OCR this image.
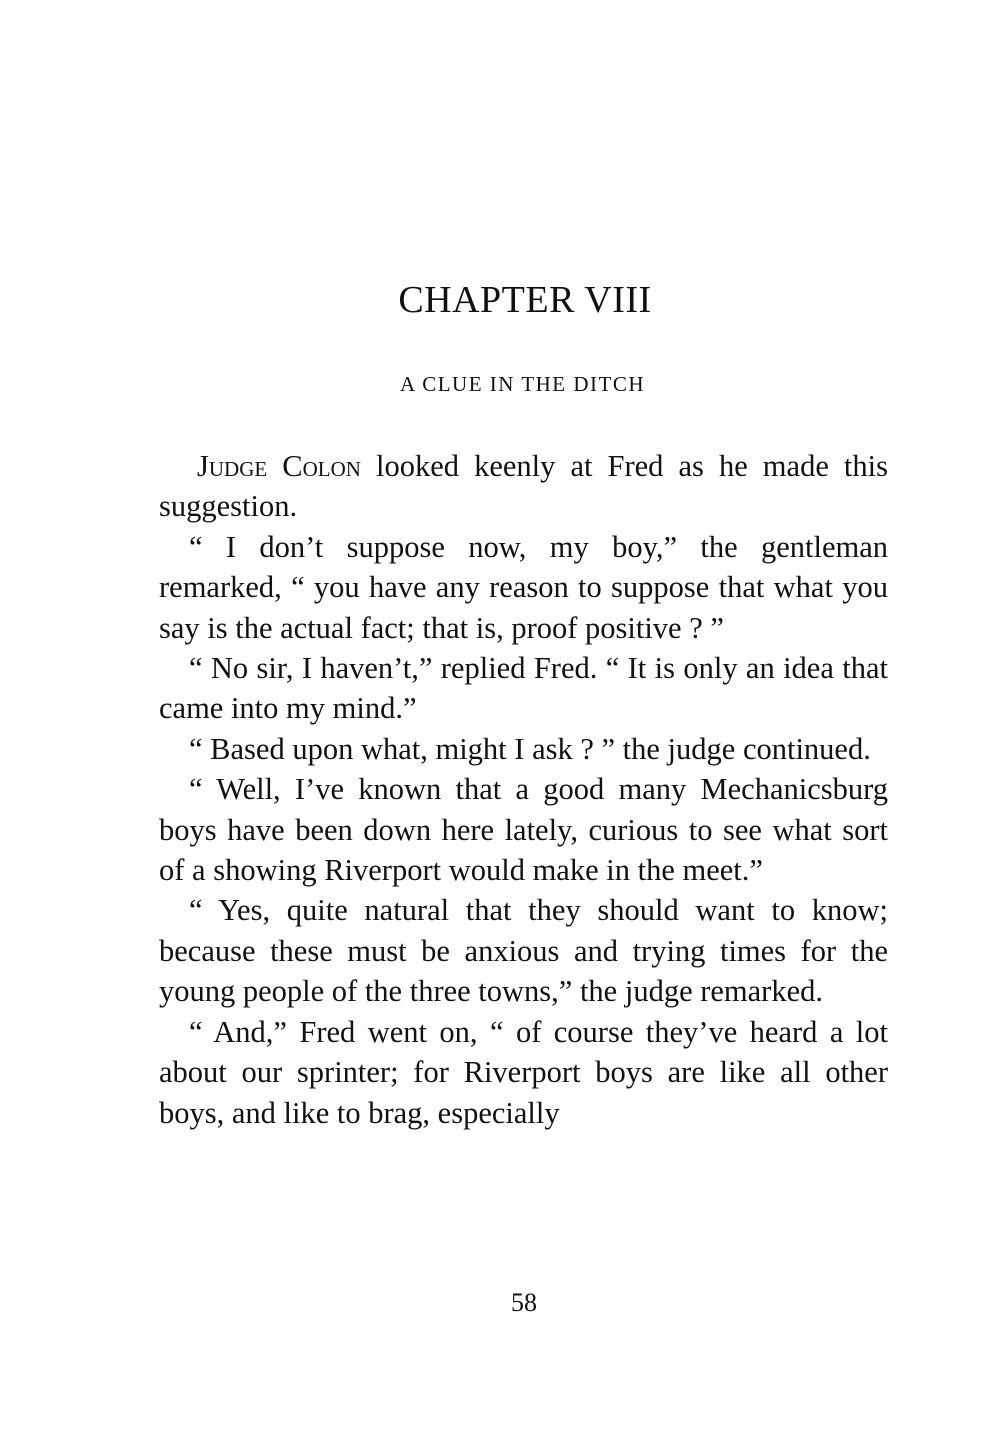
CHAPTER VIII
A CLUE IN THE DITCH

Judge Colon looked keenly at Fred as he made this suggestion.

“ I don’t suppose now, my boy,” the gentleman remarked, “ you have any reason to suppose that what you say is the actual fact; that is, proof positive ? ”

“ No sir, I haven’t,” replied Fred. “ It is only an idea that came into my mind.”

“ Based upon what, might I ask ? ” the judge continued.

“ Well, I’ve known that a good many Mechanicsburg boys have been down here lately, curious to see what sort of a showing Riverport would make in the meet.”

“ Yes, quite natural that they should want to know; because these must be anxious and trying times for the young people of the three towns,” the judge remarked.

“ And,” Fred went on, “ of course they’ve heard a lot about our sprinter; for Riverport boys are like all other boys, and like to brag, especially

58
